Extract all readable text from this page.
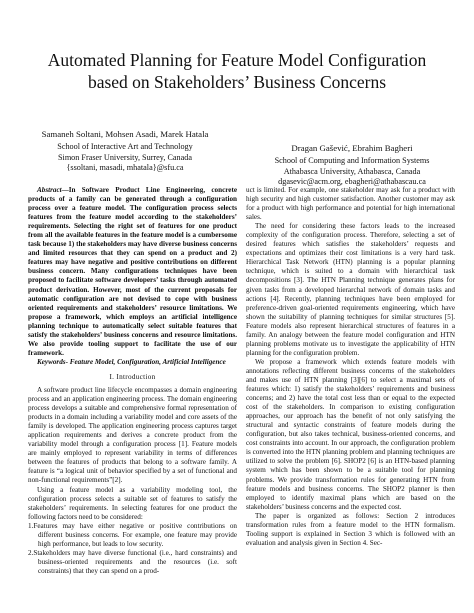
Automated Planning for Feature Model Configuration based on Stakeholders’ Business Concerns
Samaneh Soltani, Mohsen Asadi, Marek Hatala
School of Interactive Art and Technology
Simon Fraser University, Surrey, Canada
{ssoltani, masadi, mhatala}@sfu.ca
Dragan Gašević, Ebrahim Bagheri
School of Computing and Information Systems
Athabasca University, Athabasca, Canada
dgasevic@acm.org, ebagheri@athabascau.ca

Abstract—In Software Product Line Engineering, concrete products of a family can be generated through a configuration process over a feature model. The configuration process selects features from the feature model according to the stakeholders’ requirements. Selecting the right set of features for one product from all the available features in the feature model is a cumbersome task because 1) the stakeholders may have diverse business concerns and limited resources that they can spend on a product and 2) features may have negative and positive contributions on different business concern. Many configurations techniques have been proposed to facilitate software developers’ tasks through automated product derivation. However, most of the current proposals for automatic configuration are not devised to cope with business oriented requirements and stakeholders’ resource limitations. We propose a framework, which employs an artificial intelligence planning technique to automatically select suitable features that satisfy the stakeholders’ business concerns and resource limitations. We also provide tooling support to facilitate the use of our framework.

Keywords- Feature Model, Configuration, Artificial Intelligence

I. Introduction

A software product line lifecycle encompasses a domain engineering process and an application engineering process. The domain engineering process develops a suitable and comprehensive formal representation of products in a domain including a variability model and core assets of the family is developed. The application engineering process captures target application requirements and derives a concrete product from the variability model through a configuration process [1]. Feature models are mainly employed to represent variability in terms of differences between the features of products that belong to a software family. A feature is “a logical unit of behavior specified by a set of functional and non-functional requirements”[2].

Using a feature model as a variability modeling tool, the configuration process selects a suitable set of features to satisfy the stakeholders’ requirements. In selecting features for one product the following factors need to be considered:

1.Features may have either negative or positive contributions on different business concerns. For example, one feature may provide high performance, but leads to low security.
2.Stakeholders may have diverse functional (i.e., hard constraints) and business-oriented requirements and the resources (i.e. soft constraints) that they can spend on a prod-

uct is limited. For example, one stakeholder may ask for a product with high security and high customer satisfaction. Another customer may ask for a product with high performance and potential for high international sales.

The need for considering these factors leads to the increased complexity of the configuration process. Therefore, selecting a set of desired features which satisfies the stakeholders’ requests and expectations and optimizes their cost limitations is a very hard task. Hierarchical Task Network (HTN) planning is a popular planning technique, which is suited to a domain with hierarchical task decompositions [3]. The HTN Planning technique generates plans for given tasks from a developed hierarchal network of domain tasks and actions [4]. Recently, planning techniques have been employed for preference-driven goal-oriented requirements engineering, which have shown the suitability of planning techniques for similar structures [5]. Feature models also represent hierarchical structures of features in a family. An analogy between the feature model configuration and HTN planning problems motivate us to investigate the applicability of HTN planning for the configuration problem.

We propose a framework which extends feature models with annotations reflecting different business concerns of the stakeholders and makes use of HTN planning [3][6] to select a maximal sets of features which: 1) satisfy the stakeholders’ requirements and business concerns; and 2) have the total cost less than or equal to the expected cost of the stakeholders. In comparison to existing configuration approaches, our approach has the benefit of not only satisfying the structural and syntactic constraints of feature models during the configuration, but also takes technical, business-oriented concerns, and cost constraints into account. In our approach, the configuration problem is converted into the HTN planning problem and planning techniques are utilized to solve the problem [6]. SHOP2 [6] is an HTN-based planning system which has been shown to be a suitable tool for planning problems. We provide transformation rules for generating HTN from feature models and business concerns. The SHOP2 planner is then employed to identify maximal plans which are based on the stakeholders’ business concerns and the expected cost.

The paper is organized as follows: Section 2 introduces transformation rules from a feature model to the HTN formalism. Tooling support is explained in Section 3 which is followed with an evaluation and analysis given in Section 4. Sec-
